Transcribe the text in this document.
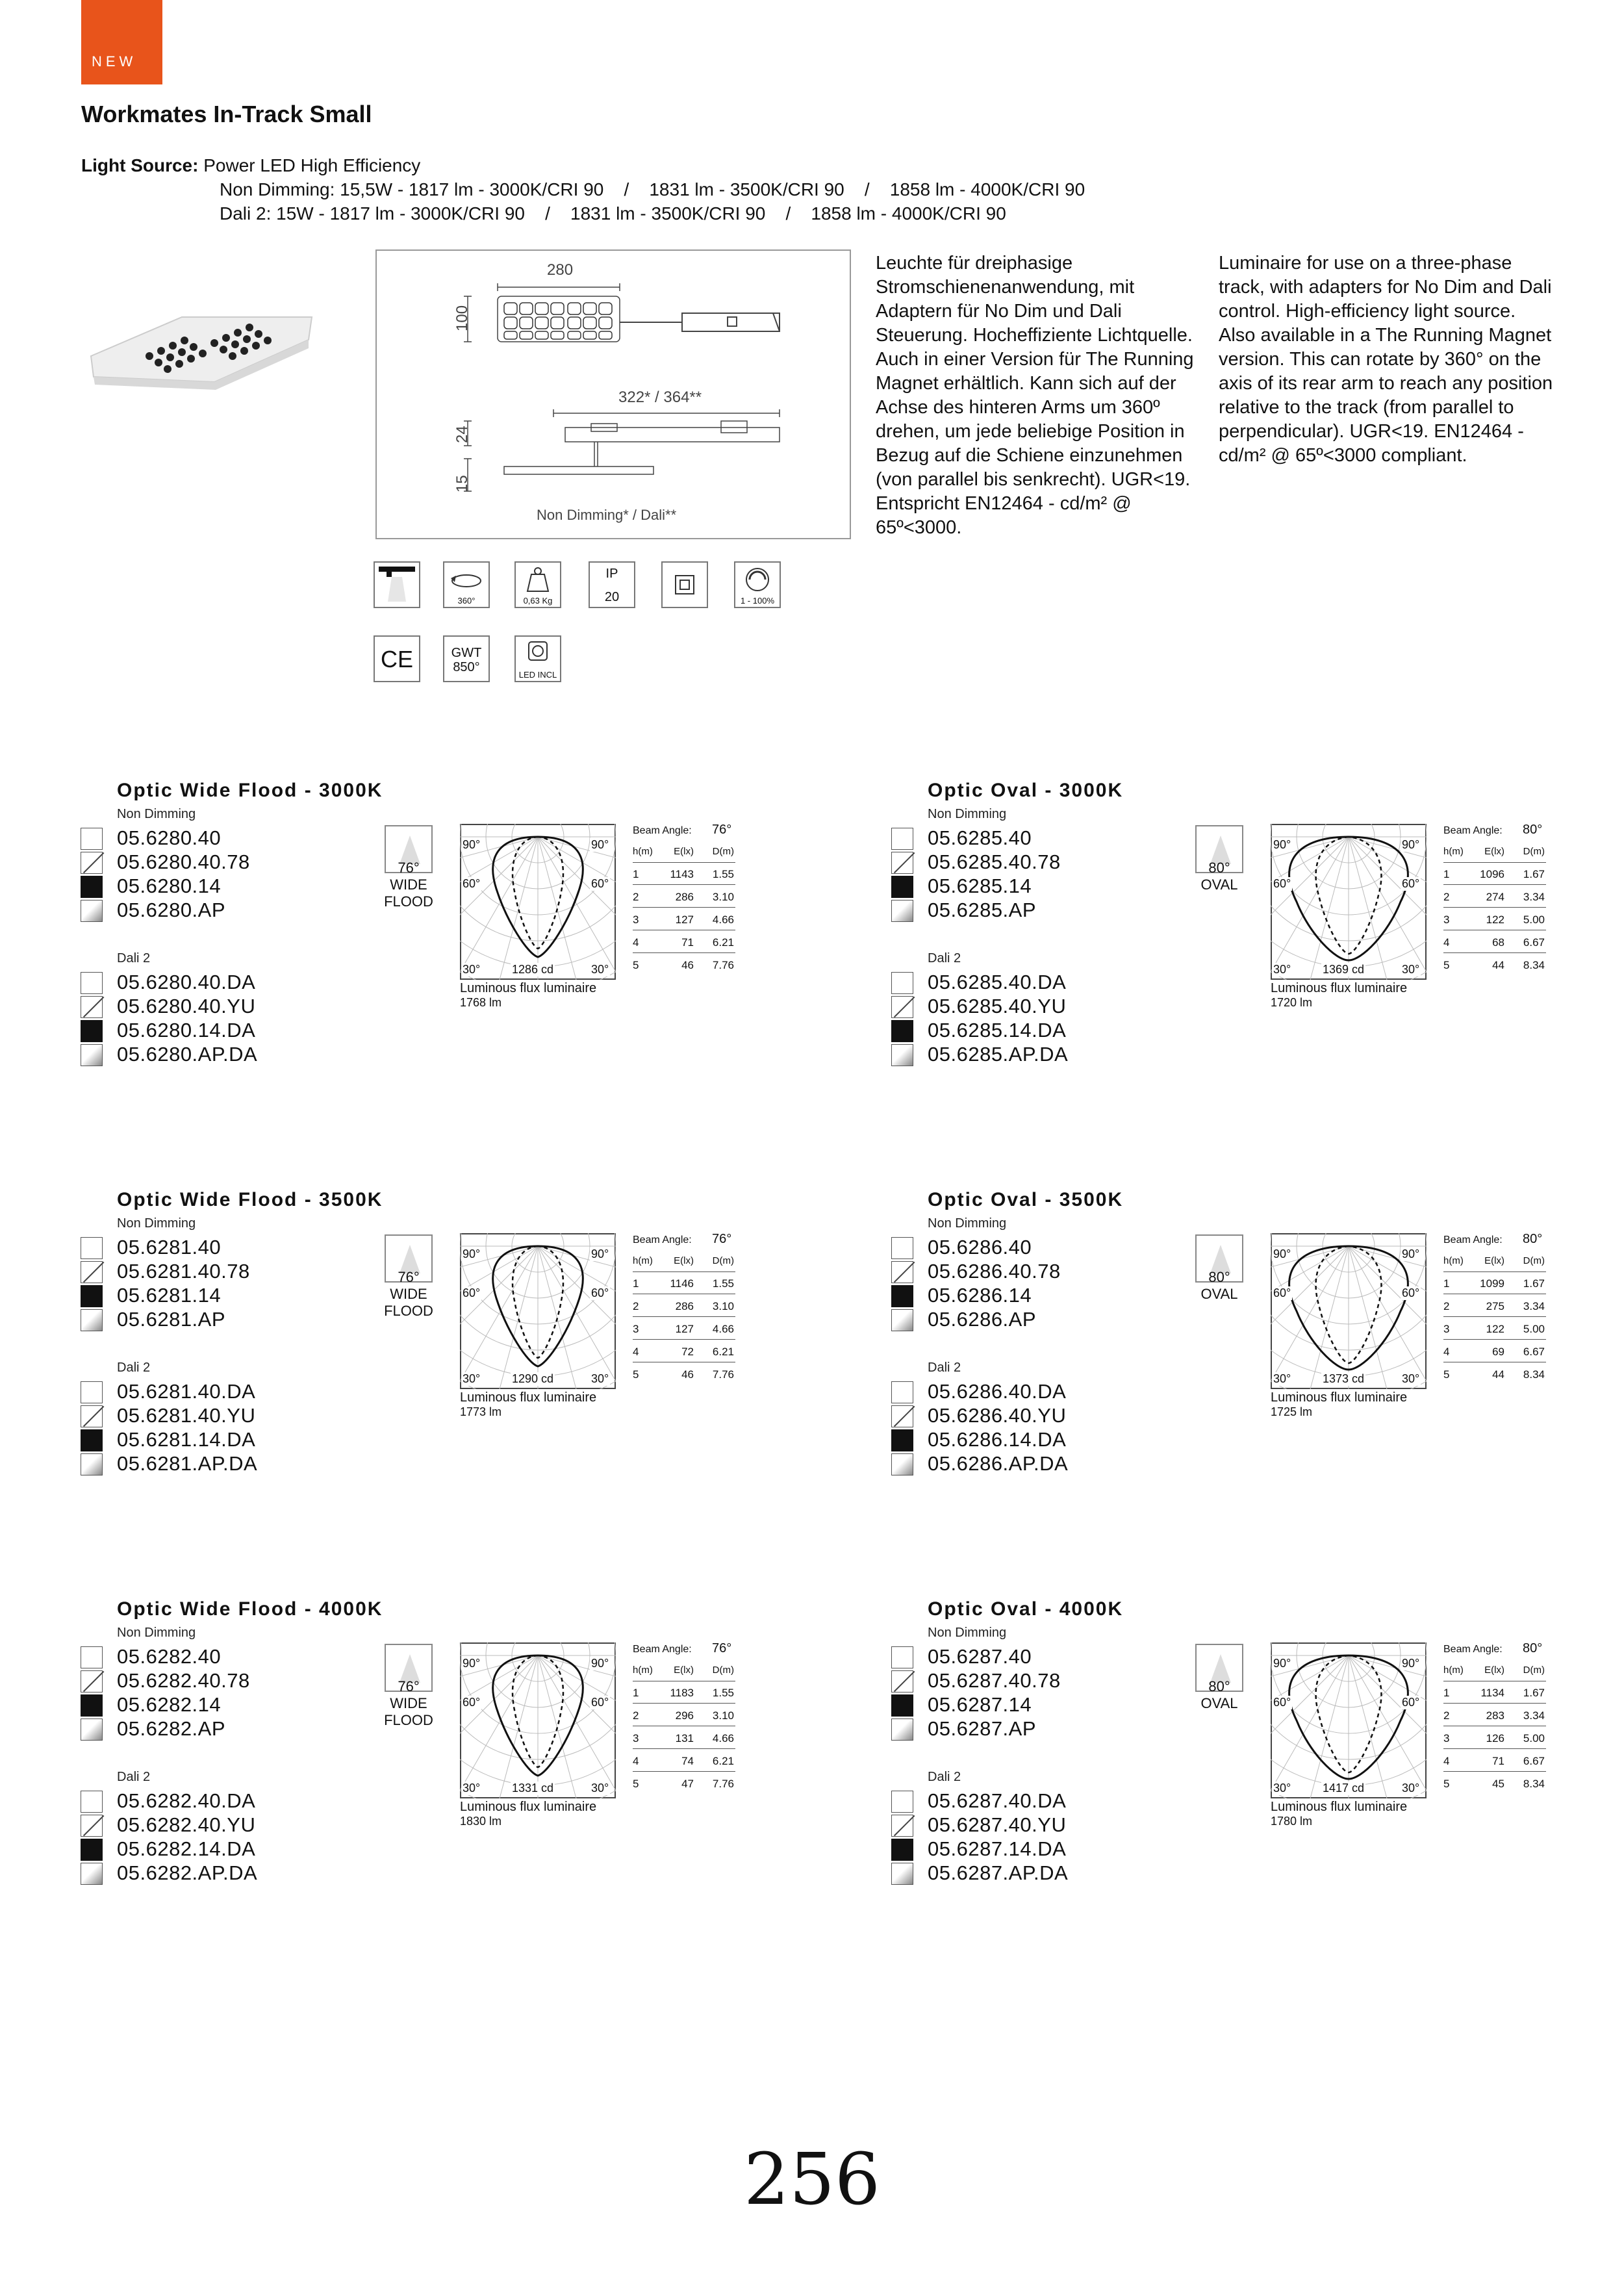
NEW
Workmates In-Track Small
Light Source: Power LED High Efficiency
Non Dimming: 15,5W - 1817 lm - 3000K/CRI 90    /    1831 lm - 3500K/CRI 90    /    1858 lm - 4000K/CRI 90
Dali 2: 15W - 1817 lm - 3000K/CRI 90    /    1831 lm - 3500K/CRI 90    /    1858 lm - 4000K/CRI 90
280
100
322* / 364**
24
15
Non Dimming* / Dali**
Leuchte für dreiphasige Stromschienenanwendung, mit Adaptern für No Dim und Dali Steuerung. Hocheffiziente Lichtquelle. Auch in einer Version für The Running Magnet erhältlich. Kann sich auf der Achse des hinteren Arms um 360º drehen, um jede beliebige Position in Bezug auf die Schiene einzunehmen (von parallel bis senkrecht). UGR<19. Entspricht EN12464 - cd/m² @ 65º<3000.
Luminaire for use on a three-phase track, with adapters for No Dim and Dali control. High-efficiency light source. Also available in a The Running Magnet version. This can rotate by 360° on the axis of its rear arm to reach any position relative to the track (from parallel to perpendicular). UGR<19. EN12464 - cd/m² @ 65º<3000 compliant.
360°	0,63 Kg
IP
20	1 - 100%
CE	GWT
850°
LED INCL
Optic Wide Flood - 3000K
Non Dimming
05.6280.40
05.6280.40.78
05.6280.14
05.6280.AP
Dali 2
05.6280.40.DA
05.6280.40.YU
05.6280.14.DA
05.6280.AP.DA
76°
WIDE
FLOOD
90°	90°
60°	60°
30°	30°
1286 cd
Luminous flux luminaire
1768 lm
Beam Angle: 76°
h(m)	E(lx)	D(m)
1	1143	1.55
2	286	3.10
3	127	4.66
4	71	6.21
5	46	7.76
Optic Oval - 3000K
Non Dimming
05.6285.40
05.6285.40.78
05.6285.14
05.6285.AP
Dali 2
05.6285.40.DA
05.6285.40.YU
05.6285.14.DA
05.6285.AP.DA
80°
OVAL
90°	90°
60°	60°
30°	30°
1369 cd
Luminous flux luminaire
1720 lm
Beam Angle: 80°
h(m)	E(lx)	D(m)
1	1096	1.67
2	274	3.34
3	122	5.00
4	68	6.67
5	44	8.34
Optic Wide Flood - 3500K
Non Dimming
05.6281.40
05.6281.40.78
05.6281.14
05.6281.AP
Dali 2
05.6281.40.DA
05.6281.40.YU
05.6281.14.DA
05.6281.AP.DA
76°
WIDE
FLOOD
90°	90°
60°	60°
30°	30°
1290 cd
Luminous flux luminaire
1773 lm
Beam Angle: 76°
h(m)	E(lx)	D(m)
1	1146	1.55
2	286	3.10
3	127	4.66
4	72	6.21
5	46	7.76
Optic Oval - 3500K
Non Dimming
05.6286.40
05.6286.40.78
05.6286.14
05.6286.AP
Dali 2
05.6286.40.DA
05.6286.40.YU
05.6286.14.DA
05.6286.AP.DA
80°
OVAL
90°	90°
60°	60°
30°	30°
1373 cd
Luminous flux luminaire
1725 lm
Beam Angle: 80°
h(m)	E(lx)	D(m)
1	1099	1.67
2	275	3.34
3	122	5.00
4	69	6.67
5	44	8.34
Optic Wide Flood - 4000K
Non Dimming
05.6282.40
05.6282.40.78
05.6282.14
05.6282.AP
Dali 2
05.6282.40.DA
05.6282.40.YU
05.6282.14.DA
05.6282.AP.DA
76°
WIDE
FLOOD
90°	90°
60°	60°
30°	30°
1331 cd
Luminous flux luminaire
1830 lm
Beam Angle: 76°
h(m)	E(lx)	D(m)
1	1183	1.55
2	296	3.10
3	131	4.66
4	74	6.21
5	47	7.76
Optic Oval - 4000K
Non Dimming
05.6287.40
05.6287.40.78
05.6287.14
05.6287.AP
Dali 2
05.6287.40.DA
05.6287.40.YU
05.6287.14.DA
05.6287.AP.DA
80°
OVAL
90°	90°
60°	60°
30°	30°
1417 cd
Luminous flux luminaire
1780 lm
Beam Angle: 80°
h(m)	E(lx)	D(m)
1	1134	1.67
2	283	3.34
3	126	5.00
4	71	6.67
5	45	8.34
256
